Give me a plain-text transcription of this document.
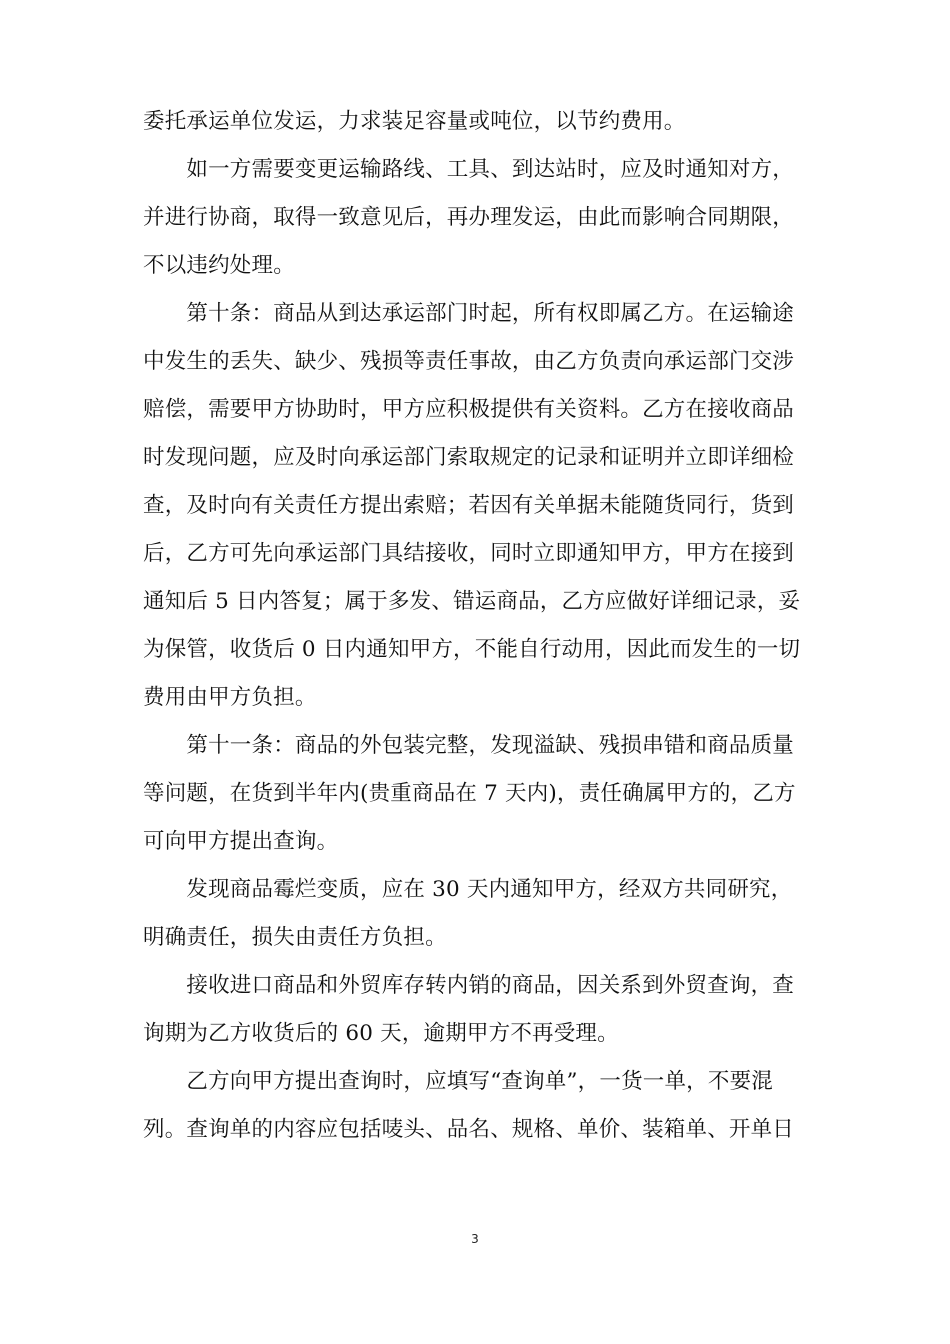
委托承运单位发运，力求装足容量或吨位，以节约费用。
　　如一方需要变更运输路线、工具、到达站时，应及时通知对方，
并进行协商，取得一致意见后，再办理发运，由此而影响合同期限，
不以违约处理。
　　第十条：商品从到达承运部门时起，所有权即属乙方。在运输途
中发生的丢失、缺少、残损等责任事故，由乙方负责向承运部门交涉
赔偿，需要甲方协助时，甲方应积极提供有关资料。乙方在接收商品
时发现问题，应及时向承运部门索取规定的记录和证明并立即详细检
查，及时向有关责任方提出索赔；若因有关单据未能随货同行，货到
后，乙方可先向承运部门具结接收，同时立即通知甲方，甲方在接到
通知后 5 日内答复；属于多发、错运商品，乙方应做好详细记录，妥
为保管，收货后 0 日内通知甲方，不能自行动用，因此而发生的一切
费用由甲方负担。
　　第十一条：商品的外包装完整，发现溢缺、残损串错和商品质量
等问题，在货到半年内(贵重商品在 7 天内)，责任确属甲方的，乙方
可向甲方提出查询。
　　发现商品霉烂变质，应在 30 天内通知甲方，经双方共同研究，
明确责任，损失由责任方负担。
　　接收进口商品和外贸库存转内销的商品，因关系到外贸查询，查
询期为乙方收货后的 60 天，逾期甲方不再受理。
　　乙方向甲方提出查询时，应填写“查询单”，一货一单，不要混
列。查询单的内容应包括唛头、品名、规格、单价、装箱单、开单日

3
